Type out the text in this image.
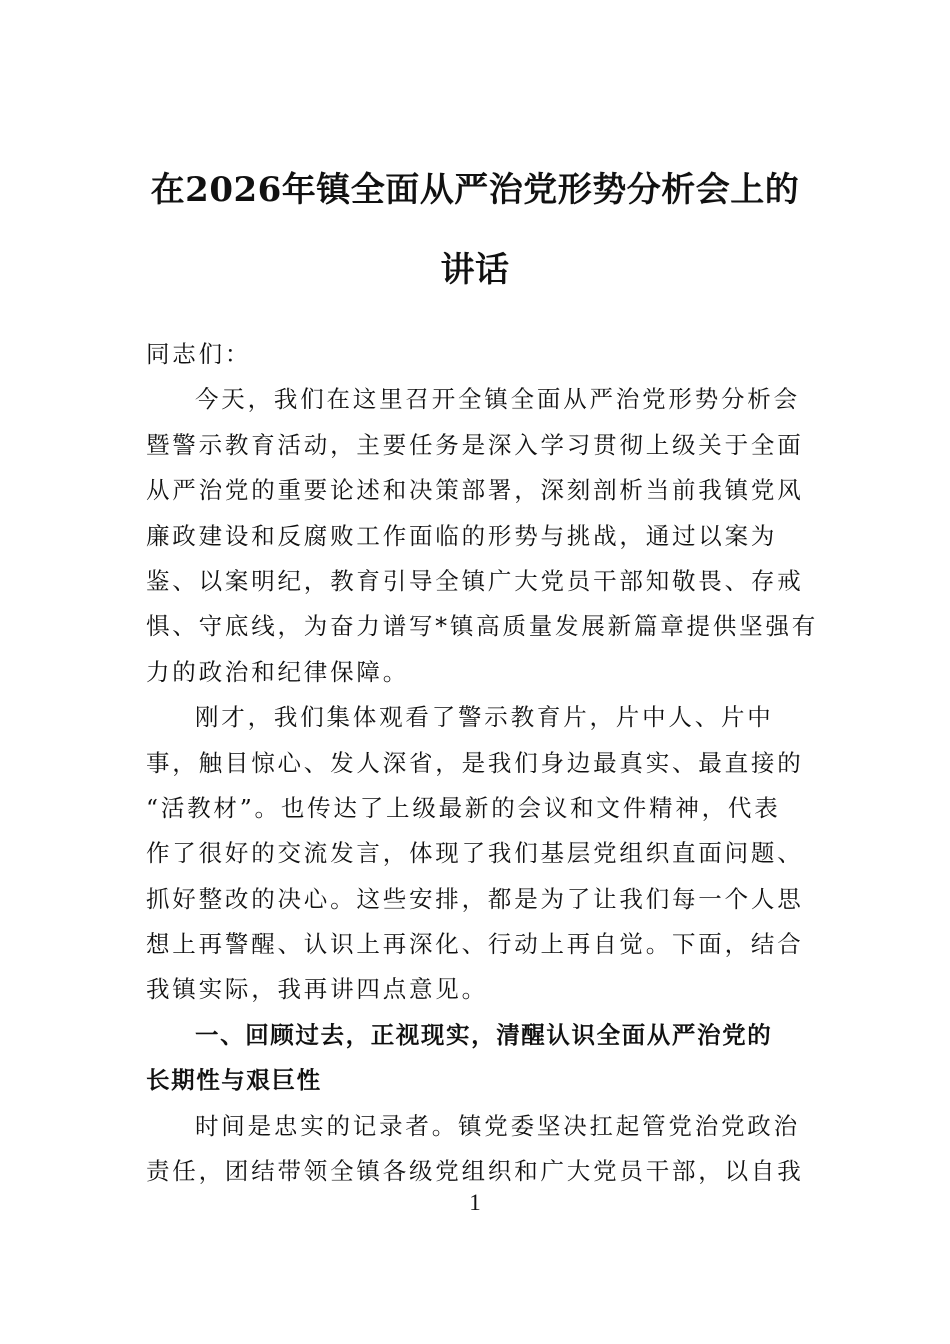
在2026年镇全面从严治党形势分析会上的
讲话
同志们：
今天，我们在这里召开全镇全面从严治党形势分析会
暨警示教育活动，主要任务是深入学习贯彻上级关于全面
从严治党的重要论述和决策部署，深刻剖析当前我镇党风
廉政建设和反腐败工作面临的形势与挑战，通过以案为
鉴、以案明纪，教育引导全镇广大党员干部知敬畏、存戒
惧、守底线，为奋力谱写*镇高质量发展新篇章提供坚强有
力的政治和纪律保障。
刚才，我们集体观看了警示教育片，片中人、片中
事，触目惊心、发人深省，是我们身边最真实、最直接的
“活教材”。也传达了上级最新的会议和文件精神，代表
作了很好的交流发言，体现了我们基层党组织直面问题、
抓好整改的决心。这些安排，都是为了让我们每一个人思
想上再警醒、认识上再深化、行动上再自觉。下面，结合
我镇实际，我再讲四点意见。
一、回顾过去，正视现实，清醒认识全面从严治党的
长期性与艰巨性
时间是忠实的记录者。镇党委坚决扛起管党治党政治
责任，团结带领全镇各级党组织和广大党员干部，以自我
1
